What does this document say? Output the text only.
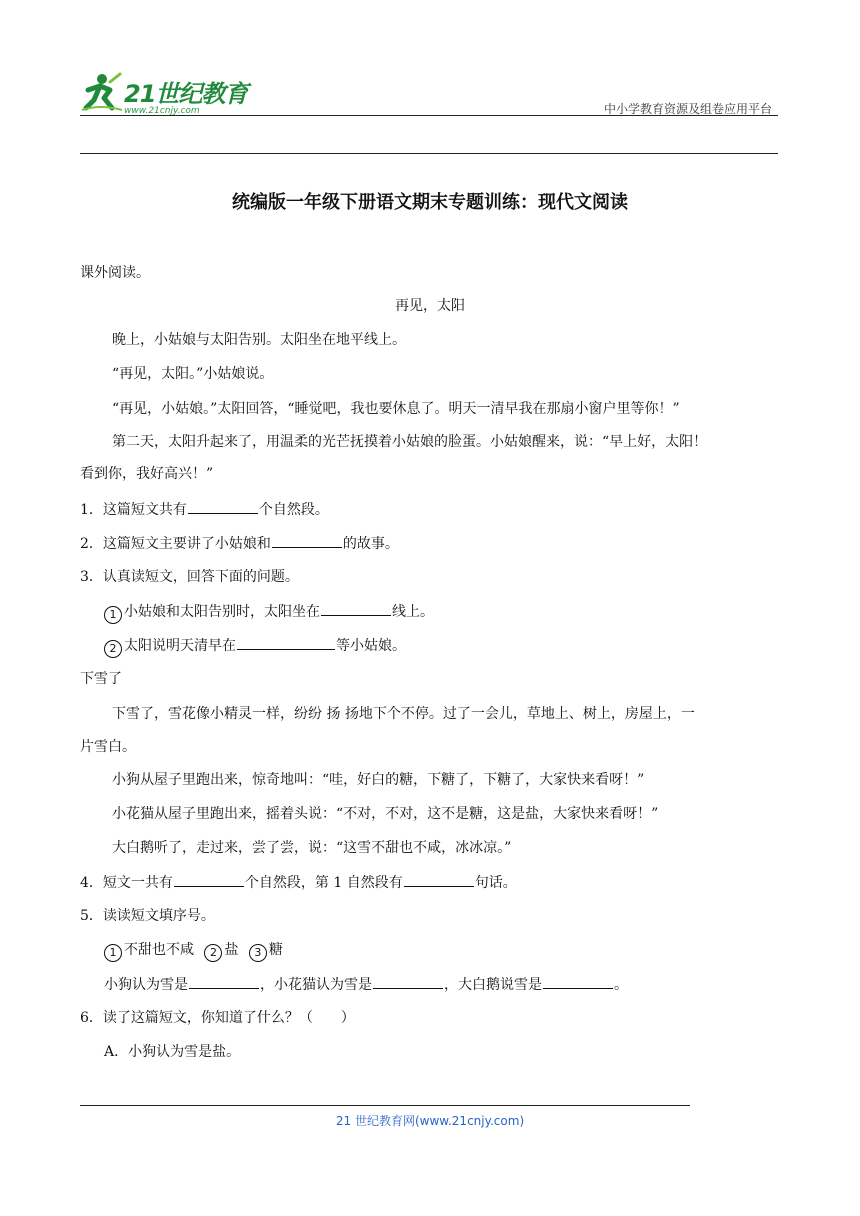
21世纪教育
www.21cnjy.com	中小学教育资源及组卷应用平台
统编版一年级下册语文期末专题训练：现代文阅读
课外阅读。
再见，太阳
晚上，小姑娘与太阳告别。太阳坐在地平线上。
“再见，太阳。”小姑娘说。
“再见，小姑娘。”太阳回答，“睡觉吧，我也要休息了。明天一清早我在那扇小窗户里等你！”
第二天，太阳升起来了，用温柔的光芒抚摸着小姑娘的脸蛋。小姑娘醒来，说：“早上好，太阳！
看到你，我好高兴！”
1．这篇短文共有	个自然段。
2．这篇短文主要讲了小姑娘和	的故事。
3．认真读短文，回答下面的问题。
1 小姑娘和太阳告别时，太阳坐在	线上。
2 太阳说明天清早在	等小姑娘。
下雪了
下雪了，雪花像小精灵一样，纷纷 扬 扬地下个不停。过了一会儿，草地上、树上，房屋上，一
片雪白。
小狗从屋子里跑出来，惊奇地叫：“哇，好白的糖，下糖了，下糖了，大家快来看呀！”
小花猫从屋子里跑出来，摇着头说：“不对，不对，这不是糖，这是盐，大家快来看呀！”
大白鹅听了，走过来，尝了尝，说：“这雪不甜也不咸，冰冰凉。”
4．短文一共有	个自然段，第 1 自然段有	句话。
5．读读短文填序号。
1 不甜也不咸 2 盐 3 糖
小狗认为雪是	，小花猫认为雪是	，大白鹅说雪是	。
6．读了这篇短文，你知道了什么？（　　）
A．小狗认为雪是盐。
21 世纪教育网(www.21cnjy.com)
